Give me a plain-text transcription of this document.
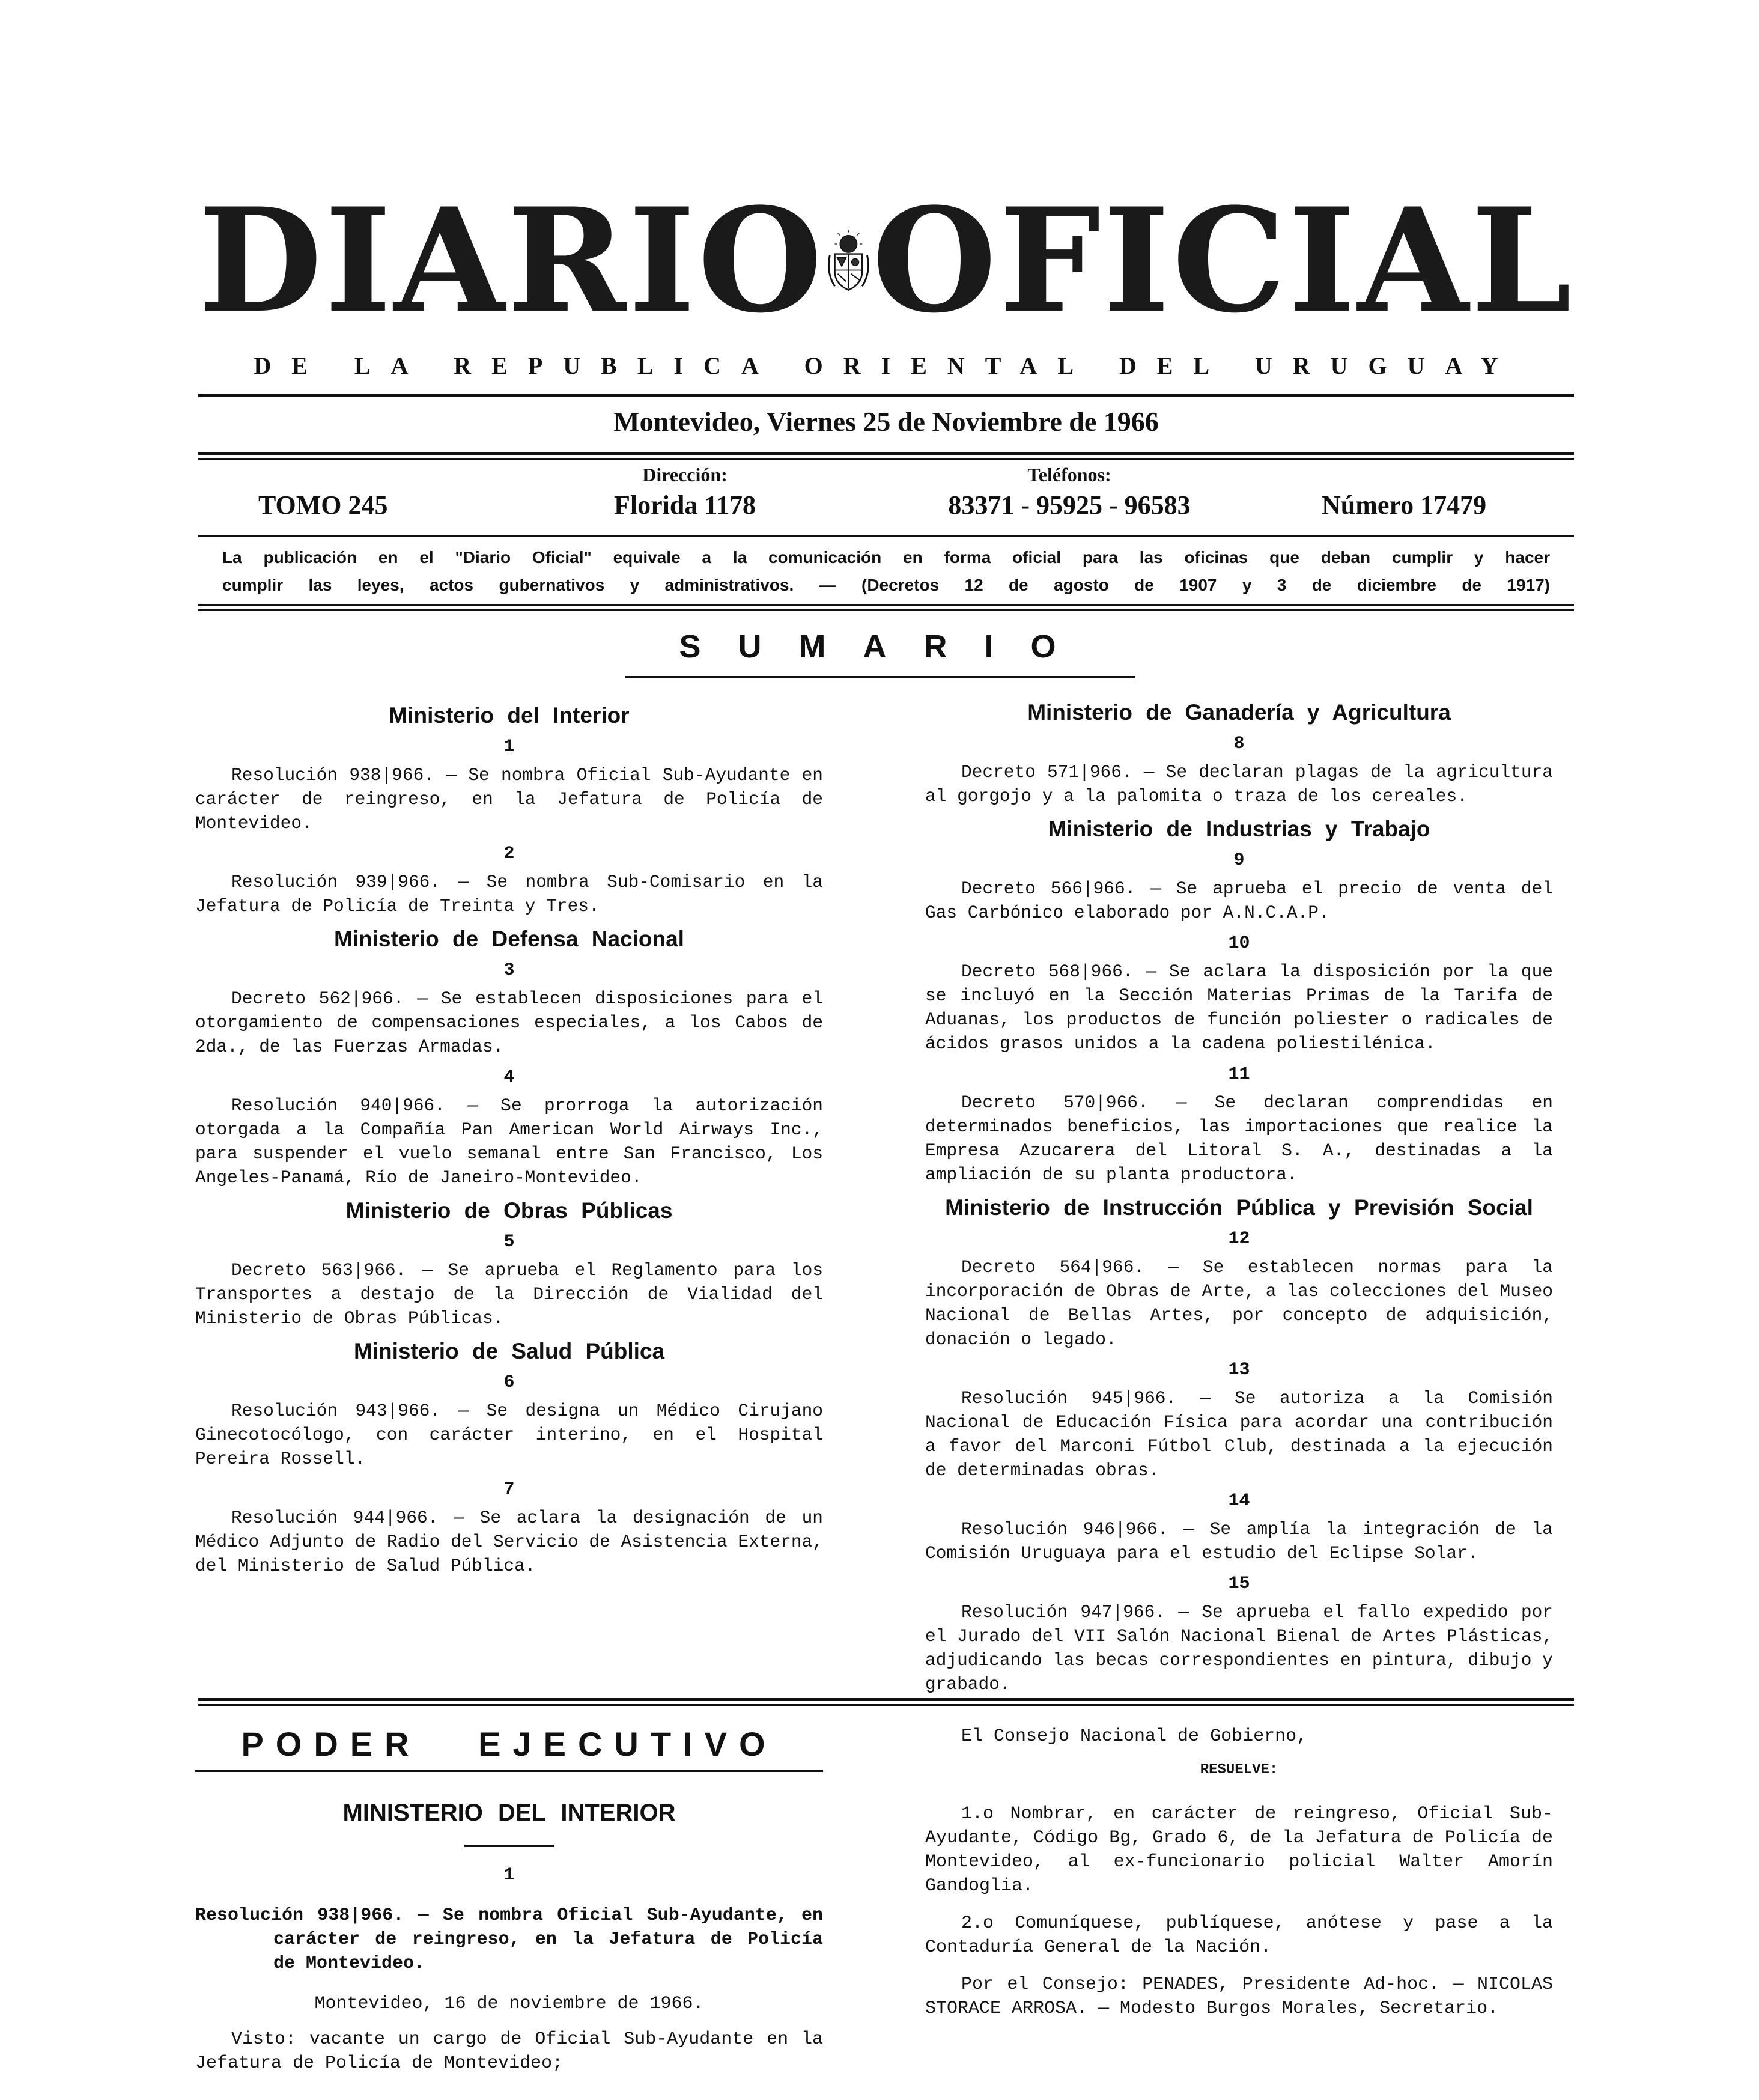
DIARIO OFICIAL
DE LA REPUBLICA ORIENTAL DEL URUGUAY
Montevideo, Viernes 25 de Noviembre de 1966
TOMO 245
Dirección:
Florida 1178
Teléfonos:
83371 - 95925 - 96583	Número 17479
La publicación en el "Diario Oficial" equivale a la comunicación en forma oficial para las oficinas que deban cumplir y hacer
cumplir las leyes, actos gubernativos y administrativos. — (Decretos 12 de agosto de 1907 y 3 de diciembre de 1917)
SUMARIO
Ministerio del Interior
1

Resolución 938|966. — Se nombra Oficial Sub-Ayudante en carácter de reingreso, en la Jefatura de Policía de Montevideo.

2

Resolución 939|966. — Se nombra Sub-Comisario en la Jefatura de Policía de Treinta y Tres.

Ministerio de Defensa Nacional
3

Decreto 562|966. — Se establecen disposiciones para el otorgamiento de compensaciones especiales, a los Cabos de 2da., de las Fuerzas Armadas.

4

Resolución 940|966. — Se prorroga la autorización otorgada a la Compañía Pan American World Airways Inc., para suspender el vuelo semanal entre San Francisco, Los Angeles-Panamá, Río de Janeiro-Montevideo.

Ministerio de Obras Públicas
5

Decreto 563|966. — Se aprueba el Reglamento para los Transportes a destajo de la Dirección de Vialidad del Ministerio de Obras Públicas.

Ministerio de Salud Pública
6

Resolución 943|966. — Se designa un Médico Cirujano Ginecotocólogo, con carácter interino, en el Hospital Pereira Rossell.

7

Resolución 944|966. — Se aclara la designación de un Médico Adjunto de Radio del Servicio de Asistencia Externa, del Ministerio de Salud Pública.

Ministerio de Ganadería y Agricultura
8

Decreto 571|966. — Se declaran plagas de la agricultura al gorgojo y a la palomita o traza de los cereales.

Ministerio de Industrias y Trabajo
9

Decreto 566|966. — Se aprueba el precio de venta del Gas Carbónico elaborado por A.N.C.A.P.

10

Decreto 568|966. — Se aclara la disposición por la que se incluyó en la Sección Materias Primas de la Tarifa de Aduanas, los productos de función poliester o radicales de ácidos grasos unidos a la cadena poliestilénica.

11

Decreto 570|966. — Se declaran comprendidas en determinados beneficios, las importaciones que realice la Empresa Azucarera del Litoral S. A., destinadas a la ampliación de su planta productora.

Ministerio de Instrucción Pública y Previsión Social
12

Decreto 564|966. — Se establecen normas para la incorporación de Obras de Arte, a las colecciones del Museo Nacional de Bellas Artes, por concepto de adquisición, donación o legado.

13

Resolución 945|966. — Se autoriza a la Comisión Nacional de Educación Física para acordar una contribución a favor del Marconi Fútbol Club, destinada a la ejecución de determinadas obras.

14

Resolución 946|966. — Se amplía la integración de la Comisión Uruguaya para el estudio del Eclipse Solar.

15

Resolución 947|966. — Se aprueba el fallo expedido por el Jurado del VII Salón Nacional Bienal de Artes Plásticas, adjudicando las becas correspondientes en pintura, dibujo y grabado.

PODER EJECUTIVO
MINISTERIO DEL INTERIOR
1

Resolución 938|966. — Se nombra Oficial Sub-Ayudante, en carácter de reingreso, en la Jefatura de Policía de Montevideo.

Montevideo, 16 de noviembre de 1966.

Visto: vacante un cargo de Oficial Sub-Ayudante en la Jefatura de Policía de Montevideo;

El Consejo Nacional de Gobierno,

RESUELVE:

1.o Nombrar, en carácter de reingreso, Oficial Sub-Ayudante, Código Bg, Grado 6, de la Jefatura de Policía de Montevideo, al ex-funcionario policial Walter Amorín Gandoglia.

2.o Comuníquese, publíquese, anótese y pase a la Contaduría General de la Nación.

Por el Consejo: PENADES, Presidente Ad-hoc. — NICOLAS STORACE ARROSA. — Modesto Burgos Morales, Secretario.
